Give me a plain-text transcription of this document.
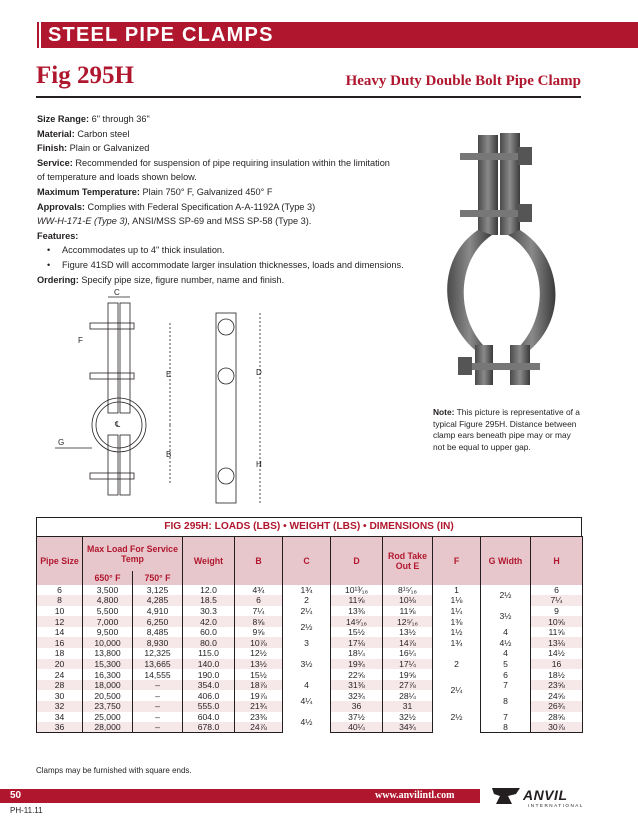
STEEL PIPE CLAMPS
Fig 295H	Heavy Duty Double Bolt Pipe Clamp
Size Range: 6" through 36"
Material: Carbon steel
Finish: Plain or Galvanized
Service: Recommended for suspension of pipe requiring insulation within the limitation
of temperature and loads shown below.
Maximum Temperature: Plain 750° F, Galvanized 450° F
Approvals: Complies with Federal Specification A-A-1192A (Type 3)
WW-H-171-E (Type 3), ANSI/MSS SP-69 and MSS SP-58 (Type 3).
Features:
• Accommodates up to 4" thick insulation.
• Figure 41SD will accommodate larger insulation thicknesses, loads and dimensions.
Ordering: Specify pipe size, figure number, name and finish.
Note: This picture is representative of a typical Figure 295H. Distance between clamp ears beneath pipe may or may not be equal to upper gap.
C
F
E	D
℄
G
B
H
FIG 295H: LOADS (LBS) • WEIGHT (LBS) • DIMENSIONS (IN)
Pipe Size	Max Load For Service Temp		Weight	B	C	D	Rod Take Out E	F	G Width	H
	650° F	750° F								
6	3,500	3,125	12.0	4¾	1¾	10¹³⁄₁₆	8¹⁵⁄₁₆	1	2½	6
8	4,800	4,285	18.5	6	2	11⅝	10⅛	1⅛		7¼
10	5,500	4,910	30.3	7¼	2¼	13⅜	11⅝	1¼	3½	9
12	7,000	6,250	42.0	8⅝	2½	14⁵⁄₁₆	12⁵⁄₁₆	1⅜		10⅝
14	9,500	8,485	60.0	9⅝		15½	13½	1½	4	11⅝
16	10,000	8,930	80.0	10⅞	3	17⅛	14⅞	1¾	4½	13⅛
18	13,800	12,325	115.0	12½	3½	18¼	16¼	2	4	14½
20	15,300	13,665	140.0	13½		19¾	17¼		5	16
24	16,300	14,555	190.0	15½		22⅝	19⅝		6	18½
28	18,000	–	354.0	18⅞	4	31⅜	27⅞	2¼	7	23⅝
30	20,500	–	406.0	19⅞	4¼	32¾	28¼		8	24⅝
32	23,750	–	555.0	21¾		36	31	2½		26¾
34	25,000	–	604.0	23⅜	4½	37½	32½		7	28⅝
36	28,000	–	678.0	24⅞		40¼	34¾		8	30⅞
Clamps may be furnished with square ends.
50	www.anvilintl.com
PH-11.11
ANVIL
INTERNATIONAL
